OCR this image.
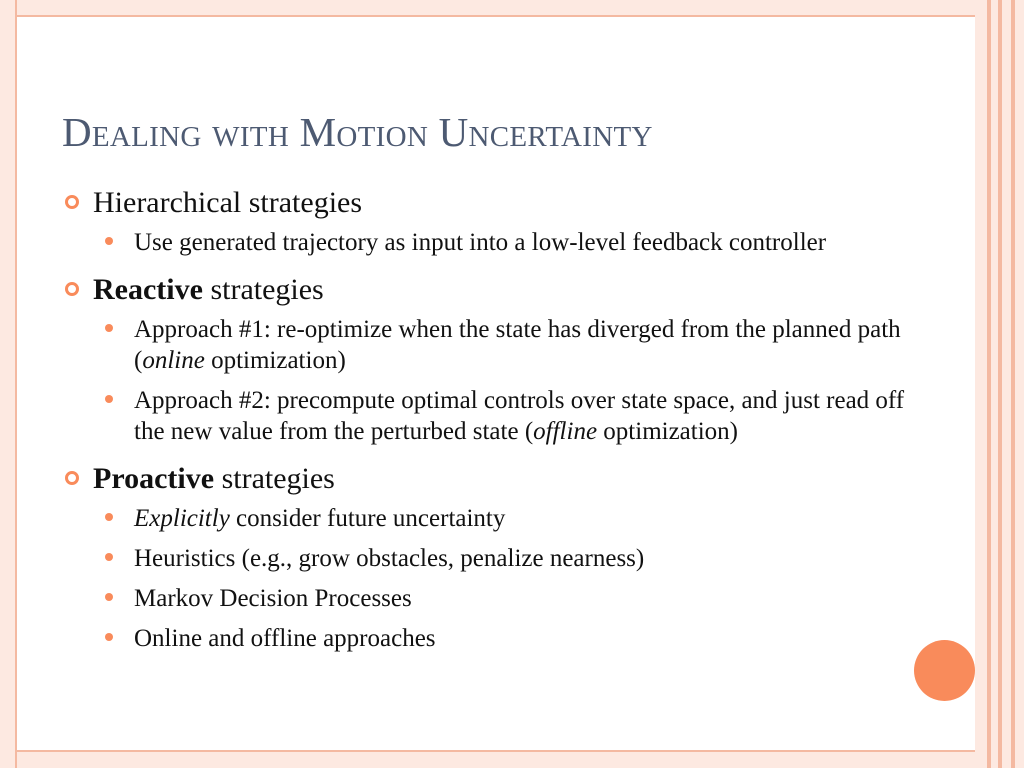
Dealing with Motion Uncertainty
Hierarchical strategies
Use generated trajectory as input into a low-level feedback controller
Reactive strategies
Approach #1: re-optimize when the state has diverged from the planned path (online optimization)
Approach #2: precompute optimal controls over state space, and just read off the new value from the perturbed state (offline optimization)
Proactive strategies
Explicitly consider future uncertainty
Heuristics (e.g., grow obstacles, penalize nearness)
Markov Decision Processes
Online and offline approaches
